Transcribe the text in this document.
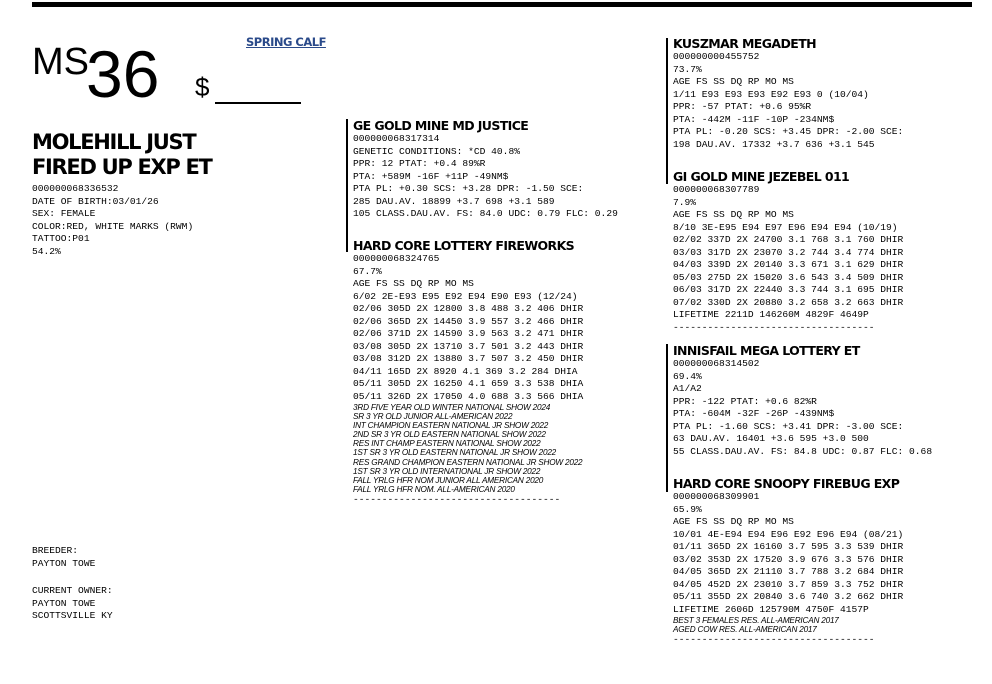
MS
36 $
SPRING CALF
MOLEHILL JUST
FIRED UP EXP ET
000000068336532
DATE OF BIRTH:03/01/26
SEX: FEMALE
COLOR:RED, WHITE MARKS (RWM)
TATTOO:P01
54.2%
BREEDER:
PAYTON TOWE
CURRENT OWNER:
PAYTON TOWE
SCOTTSVILLE KY
GE GOLD MINE MD JUSTICE
000000068317314
GENETIC CONDITIONS: *CD 40.8%
PPR: 12 PTAT: +0.4 89%R
PTA: +589M -16F +11P -49NM$
PTA PL: +0.30 SCS: +3.28 DPR: -1.50 SCE:
285 DAU.AV. 18899 +3.7 698 +3.1 589
105 CLASS.DAU.AV. FS: 84.0 UDC: 0.79 FLC: 0.29
HARD CORE LOTTERY FIREWORKS
000000068324765
67.7%
AGE FS SS DQ RP MO MS
6/02 2E-E93 E95 E92 E94 E90 E93 (12/24)
02/06 305D 2X 12800 3.8 488 3.2 406 DHIR
02/06 365D 2X 14450 3.9 557 3.2 466 DHIR
02/06 371D 2X 14590 3.9 563 3.2 471 DHIR
03/08 305D 2X 13710 3.7 501 3.2 443 DHIR
03/08 312D 2X 13880 3.7 507 3.2 450 DHIR
04/11 165D 2X 8920 4.1 369 3.2 284 DHIA
05/11 305D 2X 16250 4.1 659 3.3 538 DHIA
05/11 326D 2X 17050 4.0 688 3.3 566 DHIA
3RD FIVE YEAR OLD WINTER NATIONAL SHOW 2024
SR 3 YR OLD JUNIOR ALL-AMERICAN 2022
INT CHAMPION EASTERN NATIONAL JR SHOW 2022
2ND SR 3 YR OLD EASTERN NATIONAL SHOW 2022
RES INT CHAMP EASTERN NATIONAL SHOW 2022
1ST SR 3 YR OLD EASTERN NATIONAL JR SHOW 2022
RES GRAND CHAMPION EASTERN NATIONAL JR SHOW 2022
1ST SR 3 YR OLD INTERNATIONAL JR SHOW 2022
FALL YRLG HFR NOM JUNIOR ALL AMERICAN 2020
FALL YRLG HFR NOM. ALL-AMERICAN 2020
------------------------------------
KUSZMAR MEGADETH
000000000455752
73.7%
AGE FS SS DQ RP MO MS
1/11 E93 E93 E93 E92 E93 0 (10/04)
PPR: -57 PTAT: +0.6 95%R
PTA: -442M -11F -10P -234NM$
PTA PL: -0.20 SCS: +3.45 DPR: -2.00 SCE:
198 DAU.AV. 17332 +3.7 636 +3.1 545
GI GOLD MINE JEZEBEL 011
000000068307789
7.9%
AGE FS SS DQ RP MO MS
8/10 3E-E95 E94 E97 E96 E94 E94 (10/19)
02/02 337D 2X 24700 3.1 768 3.1 760 DHIR
03/03 317D 2X 23070 3.2 744 3.4 774 DHIR
04/03 339D 2X 20140 3.3 671 3.1 629 DHIR
05/03 275D 2X 15020 3.6 543 3.4 509 DHIR
06/03 317D 2X 22440 3.3 744 3.1 695 DHIR
07/02 330D 2X 20880 3.2 658 3.2 663 DHIR
LIFETIME 2211D 146260M 4829F 4649P
-----------------------------------
INNISFAIL MEGA LOTTERY ET
000000068314502
69.4%
A1/A2
PPR: -122 PTAT: +0.6 82%R
PTA: -604M -32F -26P -439NM$
PTA PL: -1.60 SCS: +3.41 DPR: -3.00 SCE:
63 DAU.AV. 16401 +3.6 595 +3.0 500
55 CLASS.DAU.AV. FS: 84.8 UDC: 0.87 FLC: 0.68
HARD CORE SNOOPY FIREBUG EXP
000000068309901
65.9%
AGE FS SS DQ RP MO MS
10/01 4E-E94 E94 E96 E92 E96 E94 (08/21)
01/11 365D 2X 16160 3.7 595 3.3 539 DHIR
03/02 353D 2X 17520 3.9 676 3.3 576 DHIR
04/05 365D 2X 21110 3.7 788 3.2 684 DHIR
04/05 452D 2X 23010 3.7 859 3.3 752 DHIR
05/11 355D 2X 20840 3.6 740 3.2 662 DHIR
LIFETIME 2606D 125790M 4750F 4157P
BEST 3 FEMALES RES. ALL-AMERICAN 2017
AGED COW RES. ALL-AMERICAN 2017
-----------------------------------
